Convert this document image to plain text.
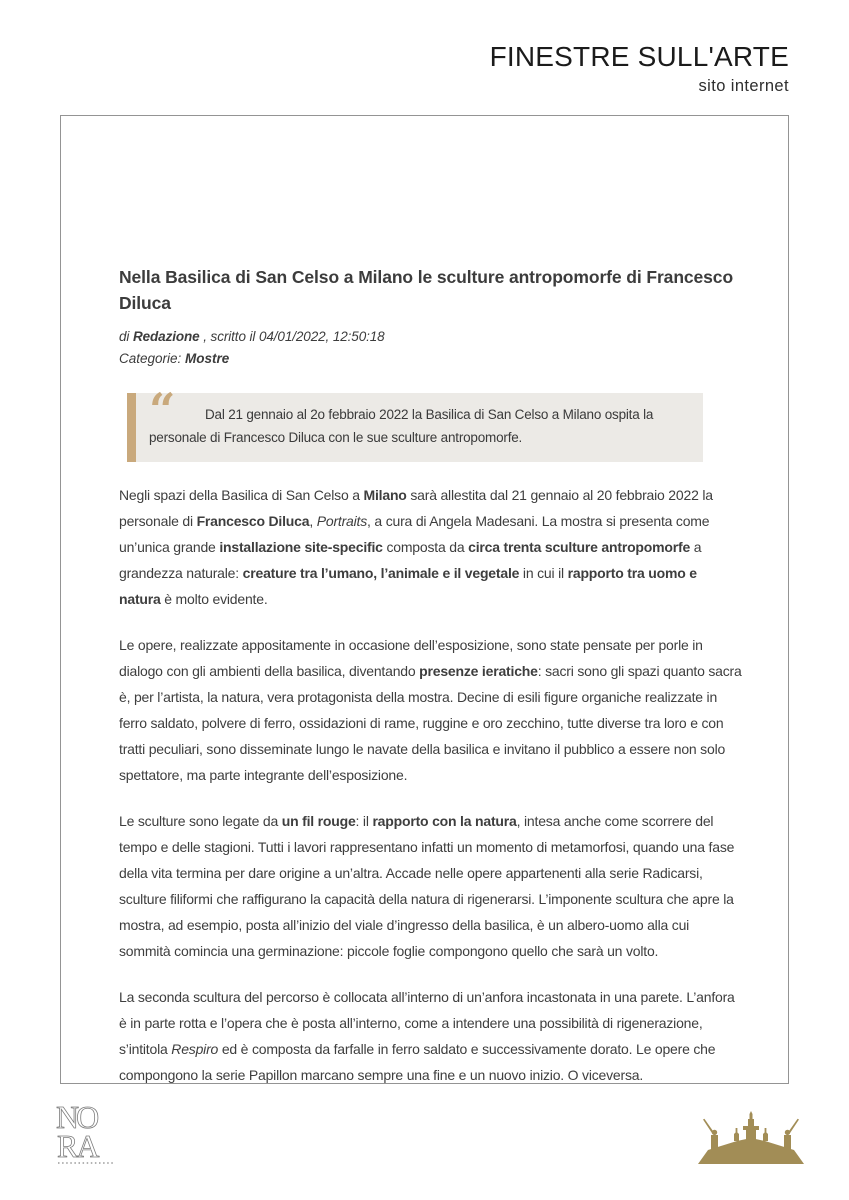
FINESTRE SULL'ARTE
sito internet
Nella Basilica di San Celso a Milano le sculture antropomorfe di Francesco Diluca
di Redazione , scritto il 04/01/2022, 12:50:18
Categorie: Mostre
“	Dal 21 gennaio al 2o febbraio 2022 la Basilica di San Celso a Milano ospita la personale di Francesco Diluca con le sue sculture antropomorfe.

Negli spazi della Basilica di San Celso a Milano sarà allestita dal 21 gennaio al 20 febbraio 2022 la personale di Francesco Diluca, Portraits, a cura di Angela Madesani. La mostra si presenta come un’unica grande installazione site-specific composta da circa trenta sculture antropomorfe a grandezza naturale: creature tra l’umano, l’animale e il vegetale in cui il rapporto tra uomo e natura è molto evidente.

Le opere, realizzate appositamente in occasione dell’esposizione, sono state pensate per porle in dialogo con gli ambienti della basilica, diventando presenze ieratiche: sacri sono gli spazi quanto sacra è, per l’artista, la natura, vera protagonista della mostra. Decine di esili figure organiche realizzate in ferro saldato, polvere di ferro, ossidazioni di rame, ruggine e oro zecchino, tutte diverse tra loro e con tratti peculiari, sono disseminate lungo le navate della basilica e invitano il pubblico a essere non solo spettatore, ma parte integrante dell’esposizione.

Le sculture sono legate da un fil rouge: il rapporto con la natura, intesa anche come scorrere del tempo e delle stagioni. Tutti i lavori rappresentano infatti un momento di metamorfosi, quando una fase della vita termina per dare origine a un’altra. Accade nelle opere appartenenti alla serie Radicarsi, sculture filiformi che raffigurano la capacità della natura di rigenerarsi. L’imponente scultura che apre la mostra, ad esempio, posta all’inizio del viale d’ingresso della basilica, è un albero-uomo alla cui sommità comincia una germinazione: piccole foglie compongono quello che sarà un volto.

La seconda scultura del percorso è collocata all’interno di un’anfora incastonata in una parete. L’anfora è in parte rotta e l’opera che è posta all’interno, come a intendere una possibilità di rigenerazione, s’intitola Respiro ed è composta da farfalle in ferro saldato e successivamente dorato. Le opere che compongono la serie Papillon marcano sempre una fine e un nuovo inizio. O viceversa.

NO
RA
